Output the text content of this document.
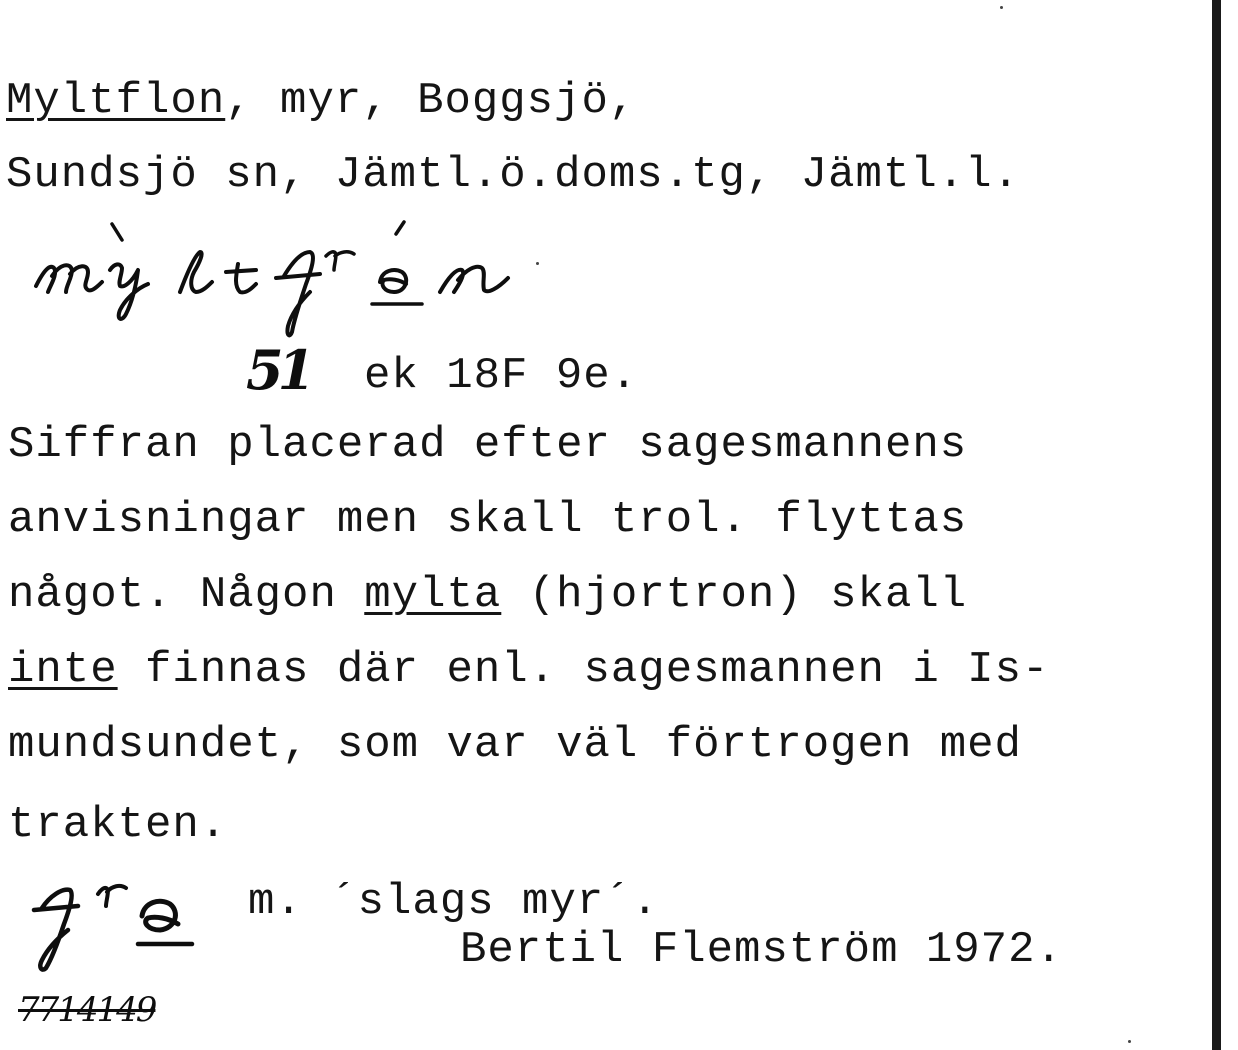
Myltflon, myr, Boggsjö,

Sundsjö sn, Jämtl.ö.doms.tg, Jämtl.l.

51 ek 18F 9e.

Siffran placerad efter sagesmannens

anvisningar men skall trol. flyttas

något. Någon mylta (hjortron) skall

inte finnas där enl. sagesmannen i Is-

mundsundet, som var väl förtrogen med

trakten.

m. ´slags myr´.

Bertil Flemström 1972.

7714149
